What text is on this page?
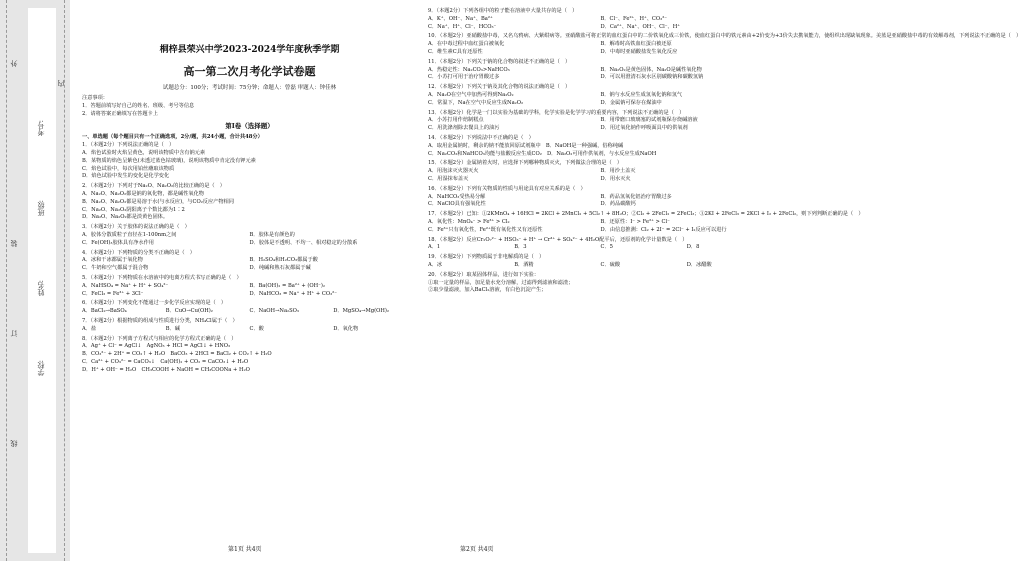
外
装
订
线
学校:
姓名:
班级:
考号:
内
桐梓县荣兴中学2023-2024学年度秋季学期
高一第二次月考化学试卷题
试题总分：100分；考试时间：75分钟；命题人：曾磊 审题人：钟佳林
注意事项：
1．答题前填写好自己的姓名、班级、考号等信息
2．请将答案正确填写在答题卡上
第Ⅰ卷（选择题）
一、单选题（每个题目只有一个正确选项，2分/题，共24小题，合计共48分）
1．（本题2分）下列说法正确的是（　）
A．焰色试验时火焰呈黄色，说明该物质中含有钠元素
B．某物质的焰色呈紫色(未透过蓝色钴玻璃)，说明该物质中肯定没有钾元素
C．焰色试验中，每次用铂丝蘸取该物质
D．焰色试验中发生的变化是化学变化
2．（本题2分）下列对于Na₂O、Na₂O₂的比较正确的是（　）
A．Na₂O、Na₂O₂都是钠的氧化物，都是碱性氧化物
B．Na₂O、Na₂O₂都是易溶于水(与水反应)，与CO₂反应产物相同
C．Na₂O、Na₂O₂阴阳离子个数比都为1∶2
D．Na₂O、Na₂O₂都是淡黄色固体。
3．（本题2分）关于胶体的说法正确的是（　）
A．胶体分散质粒子直径在1-100nm之间	B．胶体是有颜色的
C．Fe(OH)₃胶体具有净水作用	D．胶体是不透明、不均一、相对稳定的分散系
4．（本题2分）下列物质的分类不正确的是（　）
A．冰和干冰都属于氧化物	B．H₂SO₄和H₂CO₃都属于酸
C．牛奶和空气都属于混合物	D．纯碱和熟石灰都属于碱
5．（本题2分）下列物质在水溶液中的电离方程式书写正确的是（　）
A．NaHSO₄ = Na⁺ + H⁺ + SO₄²⁻	B．Ba(OH)₂ = Ba²⁺ + (OH⁻)₂
C．FeCl₃ = Fe³⁺ + 3Cl⁻	D．NaHCO₃ = Na⁺ + H⁺ + CO₃²⁻
6．（本题2分）下列变化不能通过一步化学反应实现的是（　）
A．BaCl₂→BaSO₄	B．CuO→Cu(OH)₂	C．NaOH→Na₂SO₃	D．MgSO₄→Mg(OH)₂
7．（本题2分）根据物质的组成与性质进行分类，NH₄Cl属于（　）
A．盐	B．碱	C．酸	D．氧化物
8．（本题2分）下列离子方程式与相应的化学方程式正确的是（　）
A．Ag⁺ + Cl⁻ = AgCl↓　AgNO₃ + HCl = AgCl↓ + HNO₃
B．CO₃²⁻ + 2H⁺ = CO₂↑ + H₂O　BaCO₃ + 2HCl = BaCl₂ + CO₂↑ + H₂O
C．Ca²⁺ + CO₃²⁻ = CaCO₃↓　Ca(OH)₂ + CO₂ = CaCO₃↓ + H₂O
D．H⁺ + OH⁻ = H₂O　CH₃COOH + NaOH = CH₃COONa + H₂O
9．（本题2分）下列各组中的粒子能在溶液中大量共存的是（　）
A．K⁺、OH⁻、Na⁺、Ba²⁺	B．Cl⁻、Fe²⁺、H⁺、CO₃²⁻
C．Na⁺、H⁺、Cl⁻、HCO₃⁻	D．Ca²⁺、Na⁺、OH⁻、Cl⁻、H⁺
10．（本题2分）亚硝酸盐中毒，又名乌鸦病、大紫绀病等。亚硝酸盐可将正常的血红蛋白中的二价铁氧化成三价铁，使血红蛋白中的铁元素由+2价变为+3价失去携氧能力，使组织出现缺氧现象。美蓝是亚硝酸盐中毒的有效解毒剂，下列说法不正确的是（　）
A．在中毒过程中血红蛋白被氧化	B．解毒时高铁血红蛋白被还原
C．维生素C具有还原性	D．中毒时亚硝酸盐发生氧化反应
11．（本题2分）下列关于钠的化合物的叙述不正确的是（　）
A．热稳定性：Na₂CO₃>NaHCO₃	B．Na₂O₂是黄色固体，Na₂O是碱性氧化物
C．小苏打可用于治疗胃酸过多	D．可以用澄清石灰水区别碳酸钠和碳酸氢钠
12．（本题2分）下列关于钠及其化合物的说法正确的是（　）
A．Na₂O在空气中加热可得到Na₂O₂	B．钠与水反应生成氢氧化钠和氢气
C．常温下，Na在空气中反应生成Na₂O₂	D．金属钠可保存在煤油中
13．（本题2分）化学是一门以实验为基础的学科，化学实验是化学学习的重要内容，下列说法不正确的是（　）
A．小苏打用作焙制糕点	B．用带磨口玻璃塞的试剂瓶保存烧碱溶液
C．用洗涤剂除去餐具上的油污	D．用过氧化钠作呼吸面具中的供氧剂
14．（本题2分）下列说法中不正确的是（　）
A．取用金属钠时，剩余的钠不能放回原试剂瓶中　B．NaOH是一种强碱，俗称纯碱
C．Na₂CO₃和NaHCO₃均能与盐酸反应生成CO₂　D．Na₂O₂可用作供氧剂，与水反应生成NaOH
15．（本题2分）金属钠着火时，应选择下列哪种物质灭火，下列做法合理的是（　）
A．用泡沫灭火器灭火	B．用沙土盖灭
C．用湿抹布盖灭	D．用水灭火
16．（本题2分）下列有关物质的性质与用途具有对应关系的是（　）
A．NaHCO₃受热易分解	B．药品氢氧化铝治疗胃酸过多
C．NaClO具有强氧化性	D．药品碳酸钙
17．（本题2分）已知：①2KMnO₄ + 16HCl = 2KCl + 2MnCl₂ + 5Cl₂↑ + 8H₂O；②Cl₂ + 2FeCl₂ = 2FeCl₃；③2KI + 2FeCl₃ = 2KCl + I₂ + 2FeCl₂，则下列判断正确的是（　）
A．氧化性：MnO₄⁻ > Fe³⁺ > Cl₂	B．还原性：I⁻ > Fe²⁺ > Cl⁻
C．Fe³⁺只有氧化性，Fe²⁺既有氧化性又有还原性	D．由信息推测：Cl₂ + 2I⁻ = 2Cl⁻ + I₂反应可以进行
18．（本题2分）反应Cr₂O₇²⁻ + HSO₃⁻ + H⁺ → Cr³⁺ + SO₄²⁻ + 4H₂O配平后，还原剂的化学计量数是（　）
A．1	B．3	C．5	D．8
19．（本题2分）下列物质属于非电解质的是（　）
A．冰	B．酒精	C．硫酸	D．冰醋酸
20．（本题2分）取某固体样品，进行如下实验：
①取一定量的样品，加足量水充分溶解，过滤得到滤液和滤渣；
②取少量滤液，加入BaCl₂溶液，有白色沉淀产生；
第1页 共4页	第2页 共4页
